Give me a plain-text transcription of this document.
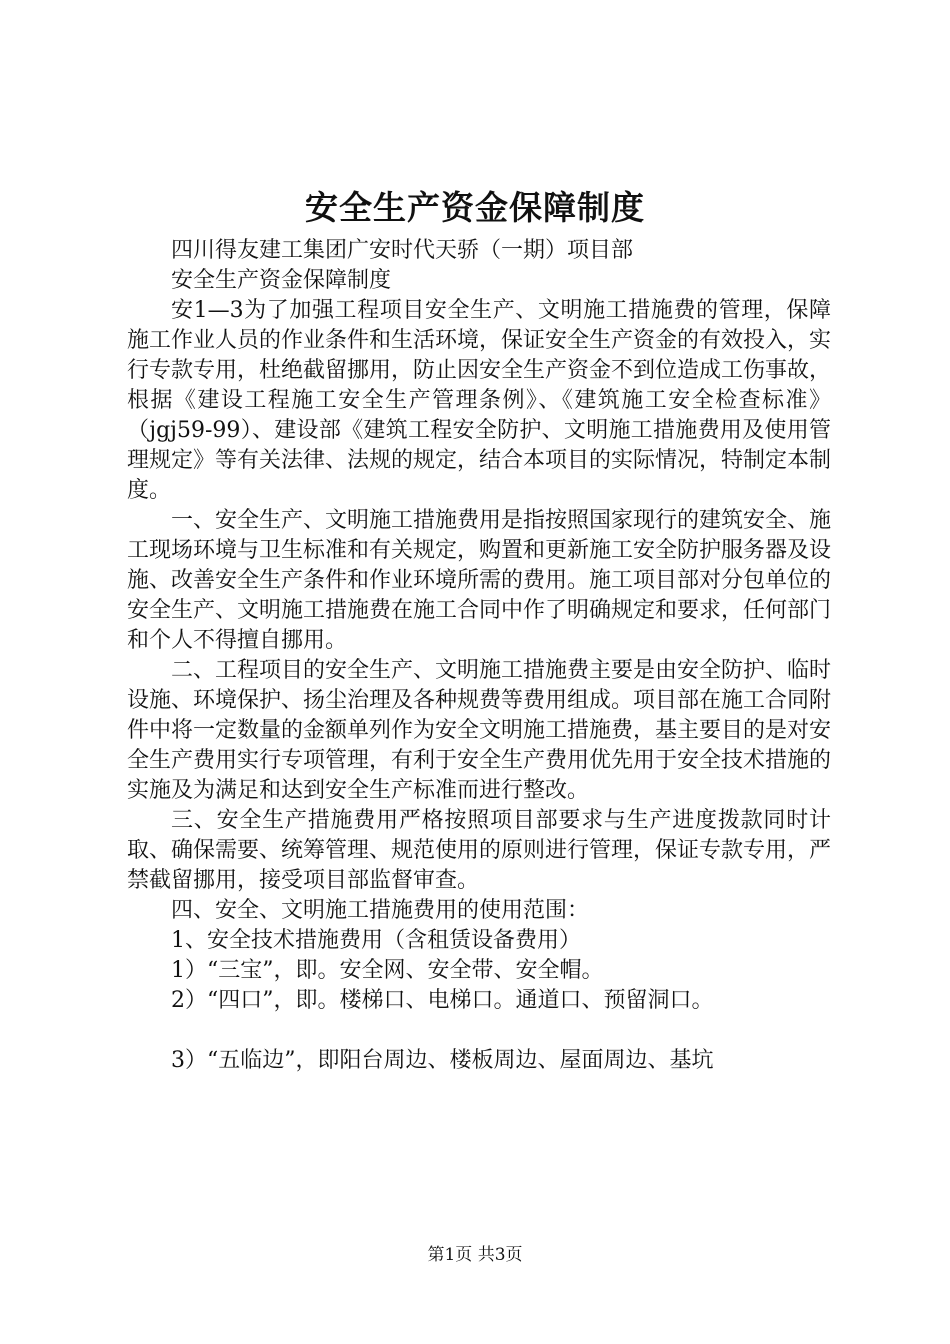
安全生产资金保障制度

四川得友建工集团广安时代天骄（一期）项目部

安全生产资金保障制度

安1—3为了加强工程项目安全生产、文明施工措施费的管理，保障施工作业人员的作业条件和生活环境，保证安全生产资金的有效投入，实行专款专用，杜绝截留挪用，防止因安全生产资金不到位造成工伤事故，根据《建设工程施工安全生产管理条例》、《建筑施工安全检查标准》（jgj59-99）、建设部《建筑工程安全防护、文明施工措施费用及使用管理规定》等有关法律、法规的规定，结合本项目的实际情况，特制定本制度。

一、安全生产、文明施工措施费用是指按照国家现行的建筑安全、施工现场环境与卫生标准和有关规定，购置和更新施工安全防护服务器及设施、改善安全生产条件和作业环境所需的费用。施工项目部对分包单位的安全生产、文明施工措施费在施工合同中作了明确规定和要求，任何部门和个人不得擅自挪用。

二、工程项目的安全生产、文明施工措施费主要是由安全防护、临时设施、环境保护、扬尘治理及各种规费等费用组成。项目部在施工合同附件中将一定数量的金额单列作为安全文明施工措施费，基主要目的是对安全生产费用实行专项管理，有利于安全生产费用优先用于安全技术措施的实施及为满足和达到安全生产标准而进行整改。

三、安全生产措施费用严格按照项目部要求与生产进度拨款同时计取、确保需要、统筹管理、规范使用的原则进行管理，保证专款专用，严禁截留挪用，接受项目部监督审查。

四、安全、文明施工措施费用的使用范围：

1、安全技术措施费用（含租赁设备费用）

1）“三宝”，即。安全网、安全带、安全帽。

2）“四口”，即。楼梯口、电梯口。通道口、预留洞口。

3）“五临边”，即阳台周边、楼板周边、屋面周边、基坑

第1页 共3页
